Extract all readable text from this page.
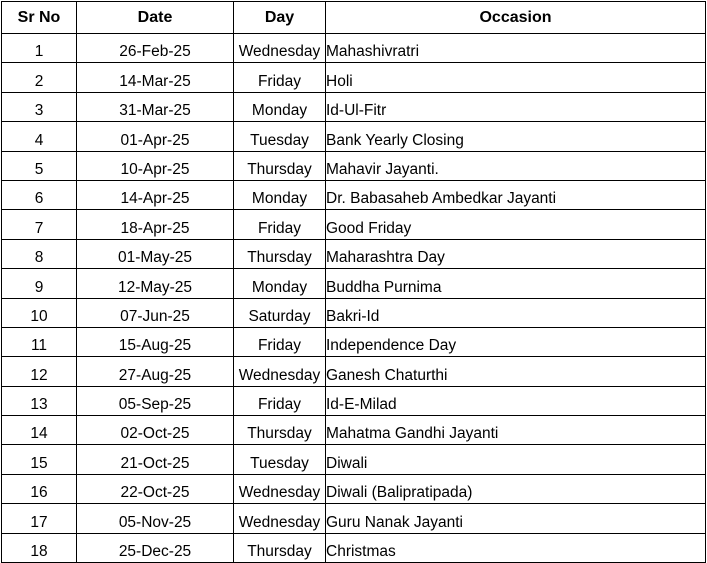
Sr No	Date	Day	Occasion
1	26-Feb-25	Wednesday	Mahashivratri
2	14-Mar-25	Friday	Holi
3	31-Mar-25	Monday	Id-Ul-Fitr
4	01-Apr-25	Tuesday	Bank Yearly Closing
5	10-Apr-25	Thursday	Mahavir Jayanti.
6	14-Apr-25	Monday	Dr. Babasaheb Ambedkar Jayanti
7	18-Apr-25	Friday	Good Friday
8	01-May-25	Thursday	Maharashtra Day
9	12-May-25	Monday	Buddha Purnima
10	07-Jun-25	Saturday	Bakri-Id
11	15-Aug-25	Friday	Independence Day
12	27-Aug-25	Wednesday	Ganesh Chaturthi
13	05-Sep-25	Friday	Id-E-Milad
14	02-Oct-25	Thursday	Mahatma Gandhi Jayanti
15	21-Oct-25	Tuesday	Diwali
16	22-Oct-25	Wednesday	Diwali (Balipratipada)
17	05-Nov-25	Wednesday	Guru Nanak Jayanti
18	25-Dec-25	Thursday	Christmas
